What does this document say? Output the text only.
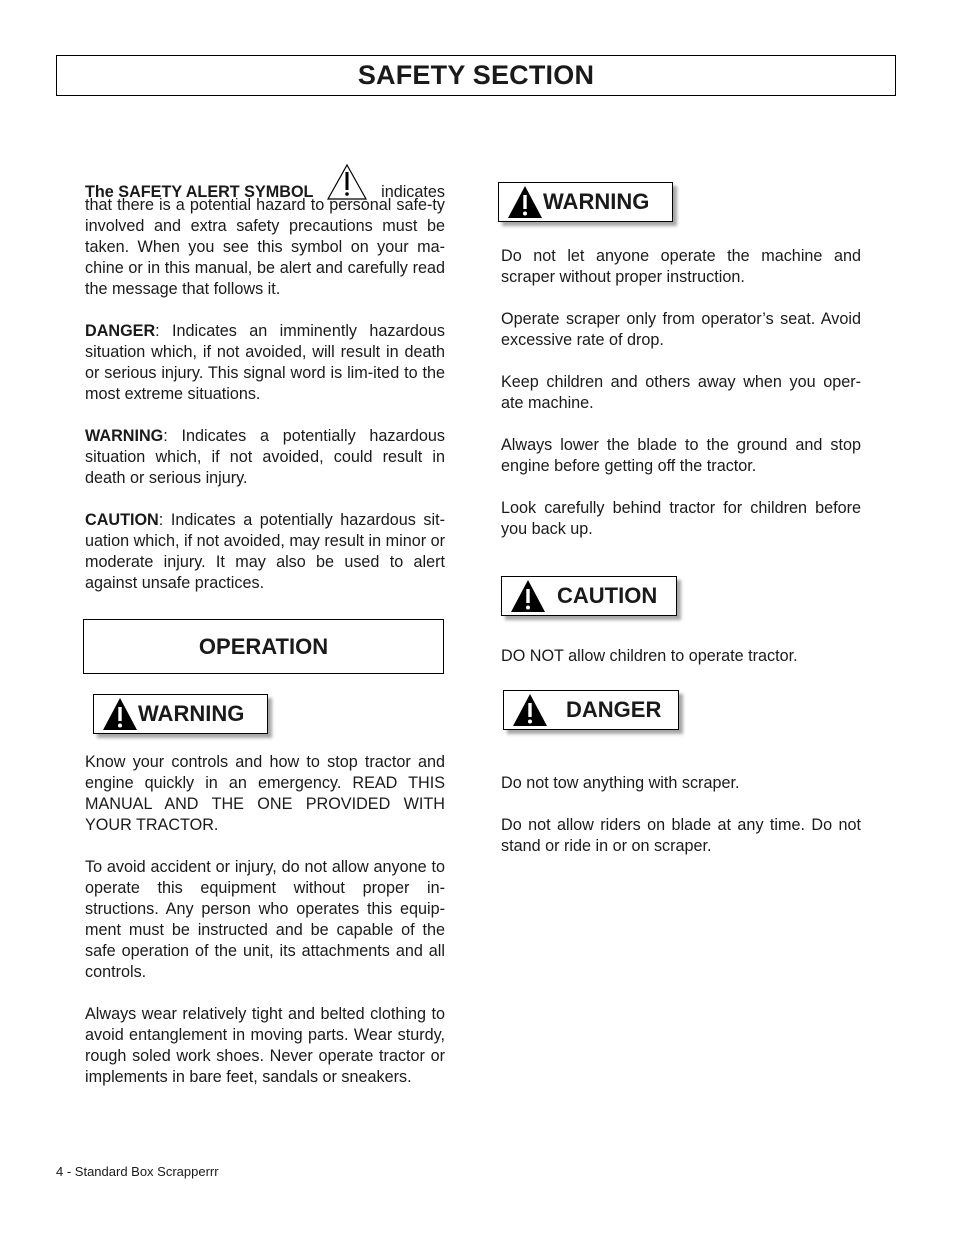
SAFETY SECTION
The SAFETY ALERT SYMBOL	indicates

that there is a potential hazard to personal safe-ty involved and extra safety precautions must be taken. When you see this symbol on your ma-chine or in this manual, be alert and carefully read the message that follows it.

DANGER: Indicates an imminently hazardous situation which, if not avoided, will result in death or serious injury. This signal word is lim-ited to the most extreme situations.

WARNING: Indicates a potentially hazardous situation which, if not avoided, could result in death or serious injury.

CAUTION: Indicates a potentially hazardous sit-uation which, if not avoided, may result in minor or moderate injury. It may also be used to alert against unsafe practices.

OPERATION
WARNING

Know your controls and how to stop tractor and engine quickly in an emergency. READ THIS MANUAL AND THE ONE PROVIDED WITH YOUR TRACTOR.

To avoid accident or injury, do not allow anyone to operate this equipment without proper in-structions. Any person who operates this equip-ment must be instructed and be capable of the safe operation of the unit, its attachments and all controls.

Always wear relatively tight and belted clothing to avoid entanglement in moving parts. Wear sturdy, rough soled work shoes. Never operate tractor or implements in bare feet, sandals or sneakers.

WARNING

Do not let anyone operate the machine and scraper without proper instruction.

Operate scraper only from operator’s seat. Avoid excessive rate of drop.

Keep children and others away when you oper-ate machine.

Always lower the blade to the ground and stop engine before getting off the tractor.

Look carefully behind tractor for children before you back up.

CAUTION

DO NOT allow children to operate tractor.

DANGER

Do not tow anything with scraper.

Do not allow riders on blade at any time. Do not stand or ride in or on scraper.

4 - Standard Box Scrapperrr
